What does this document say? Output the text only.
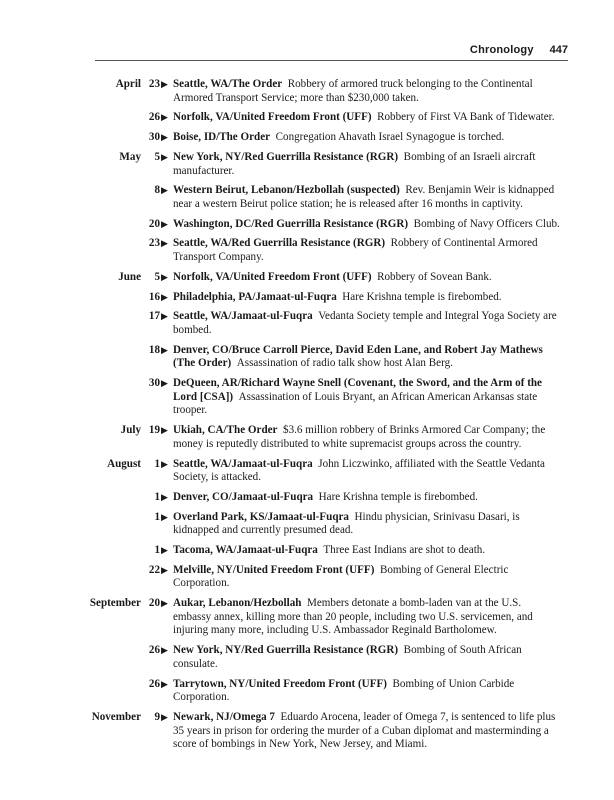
Chronology 447
April 23 ▶ Seattle, WA/The Order  Robbery of armored truck belonging to the Continental Armored Transport Service; more than $230,000 taken.
26 ▶ Norfolk, VA/United Freedom Front (UFF)  Robbery of First VA Bank of Tidewater.
30 ▶ Boise, ID/The Order  Congregation Ahavath Israel Synagogue is torched.
May 5 ▶ New York, NY/Red Guerrilla Resistance (RGR)  Bombing of an Israeli aircraft manufacturer.
8 ▶ Western Beirut, Lebanon/Hezbollah (suspected)  Rev. Benjamin Weir is kidnapped near a western Beirut police station; he is released after 16 months in captivity.
20 ▶ Washington, DC/Red Guerrilla Resistance (RGR)  Bombing of Navy Officers Club.
23 ▶ Seattle, WA/Red Guerrilla Resistance (RGR)  Robbery of Continental Armored Transport Company.
June 5 ▶ Norfolk, VA/United Freedom Front (UFF)  Robbery of Sovean Bank.
16 ▶ Philadelphia, PA/Jamaat-ul-Fuqra  Hare Krishna temple is firebombed.
17 ▶ Seattle, WA/Jamaat-ul-Fuqra  Vedanta Society temple and Integral Yoga Society are bombed.
18 ▶ Denver, CO/Bruce Carroll Pierce, David Eden Lane, and Robert Jay Mathews (The Order)  Assassination of radio talk show host Alan Berg.
30 ▶ DeQueen, AR/Richard Wayne Snell (Covenant, the Sword, and the Arm of the Lord [CSA])  Assassination of Louis Bryant, an African American Arkansas state trooper.
July 19 ▶ Ukiah, CA/The Order  $3.6 million robbery of Brinks Armored Car Company; the money is reputedly distributed to white supremacist groups across the country.
August 1 ▶ Seattle, WA/Jamaat-ul-Fuqra  John Liczwinko, affiliated with the Seattle Vedanta Society, is attacked.
1 ▶ Denver, CO/Jamaat-ul-Fuqra  Hare Krishna temple is firebombed.
1 ▶ Overland Park, KS/Jamaat-ul-Fuqra  Hindu physician, Srinivasu Dasari, is kidnapped and currently presumed dead.
1 ▶ Tacoma, WA/Jamaat-ul-Fuqra  Three East Indians are shot to death.
22 ▶ Melville, NY/United Freedom Front (UFF)  Bombing of General Electric Corporation.
September 20 ▶ Aukar, Lebanon/Hezbollah  Members detonate a bomb-laden van at the U.S. embassy annex, killing more than 20 people, including two U.S. servicemen, and injuring many more, including U.S. Ambassador Reginald Bartholomew.
26 ▶ New York, NY/Red Guerrilla Resistance (RGR)  Bombing of South African consulate.
26 ▶ Tarrytown, NY/United Freedom Front (UFF)  Bombing of Union Carbide Corporation.
November 9 ▶ Newark, NJ/Omega 7  Eduardo Arocena, leader of Omega 7, is sentenced to life plus 35 years in prison for ordering the murder of a Cuban diplomat and masterminding a score of bombings in New York, New Jersey, and Miami.
